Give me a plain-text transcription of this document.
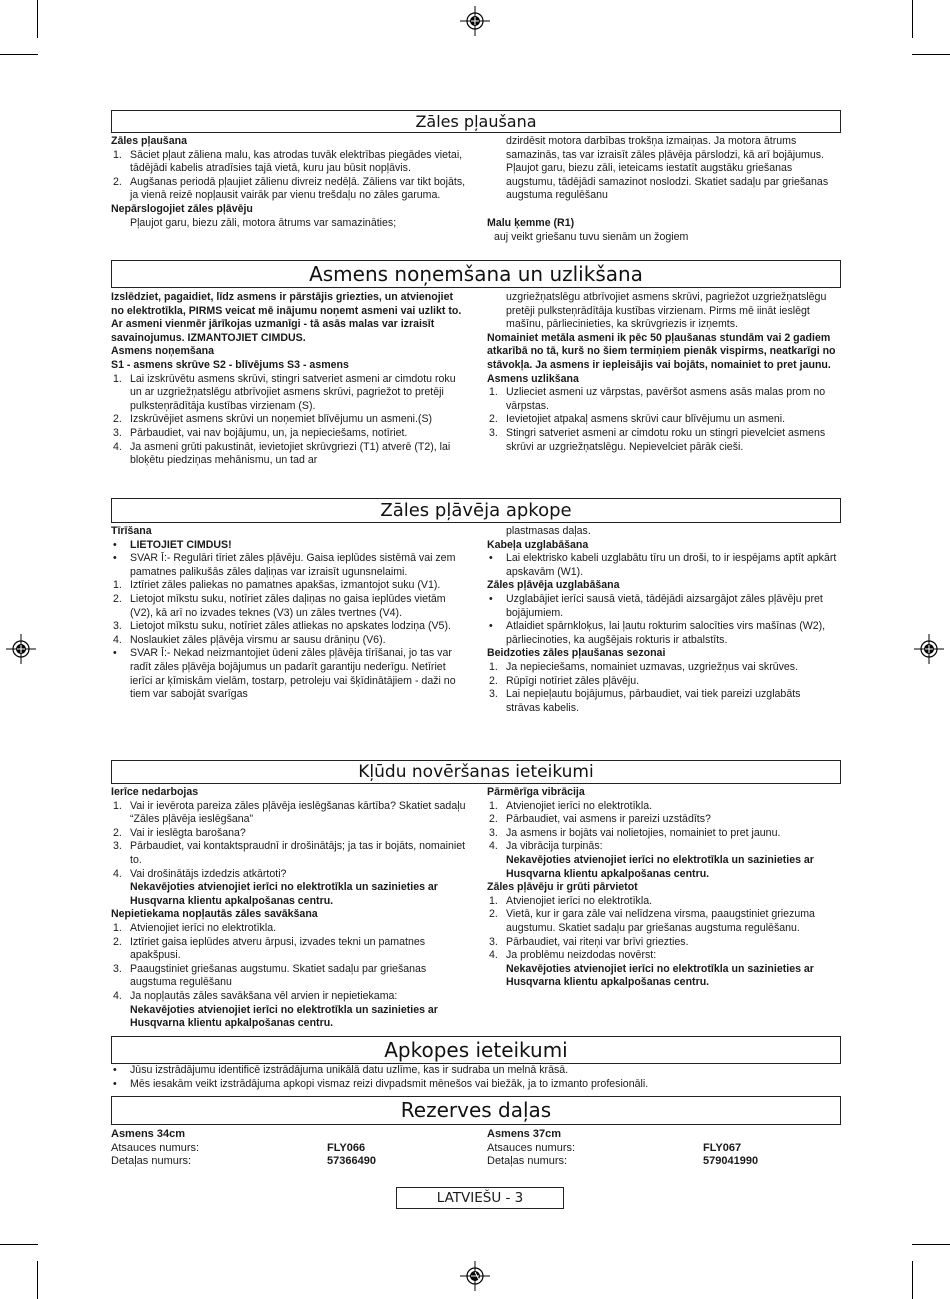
Zāles pļaušana

Zāles pļaušana

1. Sāciet pļaut zāliena malu, kas atrodas tuvāk elektrības piegādes vietai, tādējādi kabelis atradīsies tajā vietā, kuru jau būsit nopļāvis.
2. Augšanas periodā pļaujiet zālienu divreiz nedēļā. Zāliens var tikt bojāts, ja vienā reizē nopļausit vairāk par vienu trešdaļu no zāles garuma.

Nepārslogojiet zāles pļāvēju

Pļaujot garu, biezu zāli, motora ātrums var samazināties;

dzirdēsit motora darbības trokšņa izmaiņas. Ja motora ātrums samazinās, tas var izraisīt zāles pļāvēja pārslodzi, kā arī bojājumus. Pļaujot garu, biezu zāli, ieteicams iestatīt augstāku griešanas augstumu, tādējādi samazinot noslodzi. Skatiet sadaļu par griešanas augstuma regulēšanu

Malu ķemme (R1)

auj veikt griešanu tuvu sienām un žogiem

Asmens noņemšana un uzlikšana

Izslēdziet, pagaidiet, līdz asmens ir pārstājis griezties, un atvienojiet no elektrotīkla, PIRMS veicat mē inājumu noņemt asmeni vai uzlikt to. Ar asmeni vienmēr jārīkojas uzmanīgi - tā asās malas var izraisīt savainojumus. IZMANTOJIET CIMDUS.

Asmens noņemšana

S1 - asmens skrūve S2 - blīvējums S3 - asmens

1. Lai izskrūvētu asmens skrūvi, stingri satveriet asmeni ar cimdotu roku un ar uzgriežņatslēgu atbrīvojiet asmens skrūvi, pagriežot to pretēji pulksteņrādītāja kustības virzienam (S).
2. Izskrūvējiet asmens skrūvi un noņemiet blīvējumu un asmeni.(S)
3. Pārbaudiet, vai nav bojājumu, un, ja nepieciešams, notīriet.
4. Ja asmeni grūti pakustināt, ievietojiet skrūvgriezi (T1) atverē (T2), lai bloķētu piedziņas mehānismu, un tad ar

uzgriežņatslēgu atbrīvojiet asmens skrūvi, pagriežot uzgriežņatslēgu pretēji pulksteņrādītāja kustības virzienam. Pirms mē iināt ieslēgt mašīnu, pārliecinieties, ka skrūvgriezis ir izņemts.

Nomainiet metāla asmeni ik pēc 50 pļaušanas stundām vai 2 gadiem atkarībā no tā, kurš no šiem termiņiem pienāk vispirms, neatkarīgi no stāvokļa. Ja asmens ir iepleisājis vai bojāts, nomainiet to pret jaunu.

Asmens uzlikšana

1. Uzlieciet asmeni uz vārpstas, pavēršot asmens asās malas prom no vārpstas.
2. Ievietojiet atpakaļ asmens skrūvi caur blīvējumu un asmeni.
3. Stingri satveriet asmeni ar cimdotu roku un stingri pievelciet asmens skrūvi ar uzgriežņatslēgu. Nepievelciet pārāk cieši.
Zāles pļāvēja apkope

Tīrīšana

• LIETOJIET CIMDUS!
• SVAR Ī:- Regulāri tīriet zāles pļāvēju. Gaisa ieplūdes sistēmā vai zem pamatnes palikušās zāles daļiņas var izraisīt ugunsnelaimi.
1. Iztīriet zāles paliekas no pamatnes apakšas, izmantojot suku (V1).
2. Lietojot mīkstu suku, notīriet zāles daļiņas no gaisa ieplūdes vietām (V2), kā arī no izvades teknes (V3) un zāles tvertnes (V4).
3. Lietojot mīkstu suku, notīriet zāles atliekas no apskates lodziņa (V5).
4. Noslaukiet zāles pļāvēja virsmu ar sausu drāniņu (V6).
• SVAR Ī:- Nekad neizmantojiet ūdeni zāles pļāvēja tīrīšanai, jo tas var radīt zāles pļāvēja bojājumus un padarīt garantiju nederīgu. Netīriet ierīci ar ķīmiskām vielām, tostarp, petroleju vai šķīdinātājiem - daži no tiem var sabojāt svarīgas

plastmasas daļas.

Kabeļa uzglabāšana

• Lai elektrisko kabeli uzglabātu tīru un droši, to ir iespējams aptīt apkārt apskavām (W1).

Zāles pļāvēja uzglabāšana

• Uzglabājiet ierīci sausā vietā, tādējādi aizsargājot zāles pļāvēju pret bojājumiem.
• Atlaidiet spārnkloķus, lai ļautu rokturim salocīties virs mašīnas (W2), pārliecinoties, ka augšējais rokturis ir atbalstīts.

Beidzoties zāles pļaušanas sezonai

1. Ja nepieciešams, nomainiet uzmavas, uzgriežņus vai skrūves.
2. Rūpīgi notīriet zāles pļāvēju.
3. Lai nepieļautu bojājumus, pārbaudiet, vai tiek pareizi uzglabāts strāvas kabelis.
Kļūdu novēršanas ieteikumi

Ierīce nedarbojas

1. Vai ir ievērota pareiza zāles pļāvēja ieslēgšanas kārtība? Skatiet sadaļu “Zāles pļāvēja ieslēgšana”
2. Vai ir ieslēgta barošana?
3. Pārbaudiet, vai kontaktspraudnī ir drošinātājs; ja tas ir bojāts, nomainiet to.
4. Vai drošinātājs izdedzis atkārtoti?

Nekavējoties atvienojiet ierīci no elektrotīkla un sazinieties ar Husqvarna klientu apkalpošanas centru.

Nepietiekama nopļautās zāles savākšana

1. Atvienojiet ierīci no elektrotīkla.
2. Iztīriet gaisa ieplūdes atveru ārpusi, izvades tekni un pamatnes apakšpusi.
3. Paaugstiniet griešanas augstumu. Skatiet sadaļu par griešanas augstuma regulēšanu
4. Ja nopļautās zāles savākšana vēl arvien ir nepietiekama:

Nekavējoties atvienojiet ierīci no elektrotīkla un sazinieties ar Husqvarna klientu apkalpošanas centru.

Pārmērīga vibrācija

1. Atvienojiet ierīci no elektrotīkla.
2. Pārbaudiet, vai asmens ir pareizi uzstādīts?
3. Ja asmens ir bojāts vai nolietojies, nomainiet to pret jaunu.
4. Ja vibrācija turpinās:

Nekavējoties atvienojiet ierīci no elektrotīkla un sazinieties ar Husqvarna klientu apkalpošanas centru.

Zāles pļāvēju ir grūti pārvietot

1. Atvienojiet ierīci no elektrotīkla.
2. Vietā, kur ir gara zāle vai nelīdzena virsma, paaugstiniet griezuma augstumu. Skatiet sadaļu par griešanas augstuma regulēšanu.
3. Pārbaudiet, vai riteņi var brīvi griezties.
4. Ja problēmu neizdodas novērst:

Nekavējoties atvienojiet ierīci no elektrotīkla un sazinieties ar Husqvarna klientu apkalpošanas centru.

Apkopes ieteikumi
• Jūsu izstrādājumu identificē izstrādājuma unikālā datu uzlīme, kas ir sudraba un melnā krāsā.
• Mēs iesakām veikt izstrādājuma apkopi vismaz reizi divpadsmit mēnešos vai biežāk, ja to izmanto profesionāli.
Rezerves daļas

Asmens 34cm

Atsauces numurs:	FLY066
Detaļas numurs:	57366490

Asmens 37cm

Atsauces numurs:	FLY067
Detaļas numurs:	579041990
LATVIEŠU - 3
